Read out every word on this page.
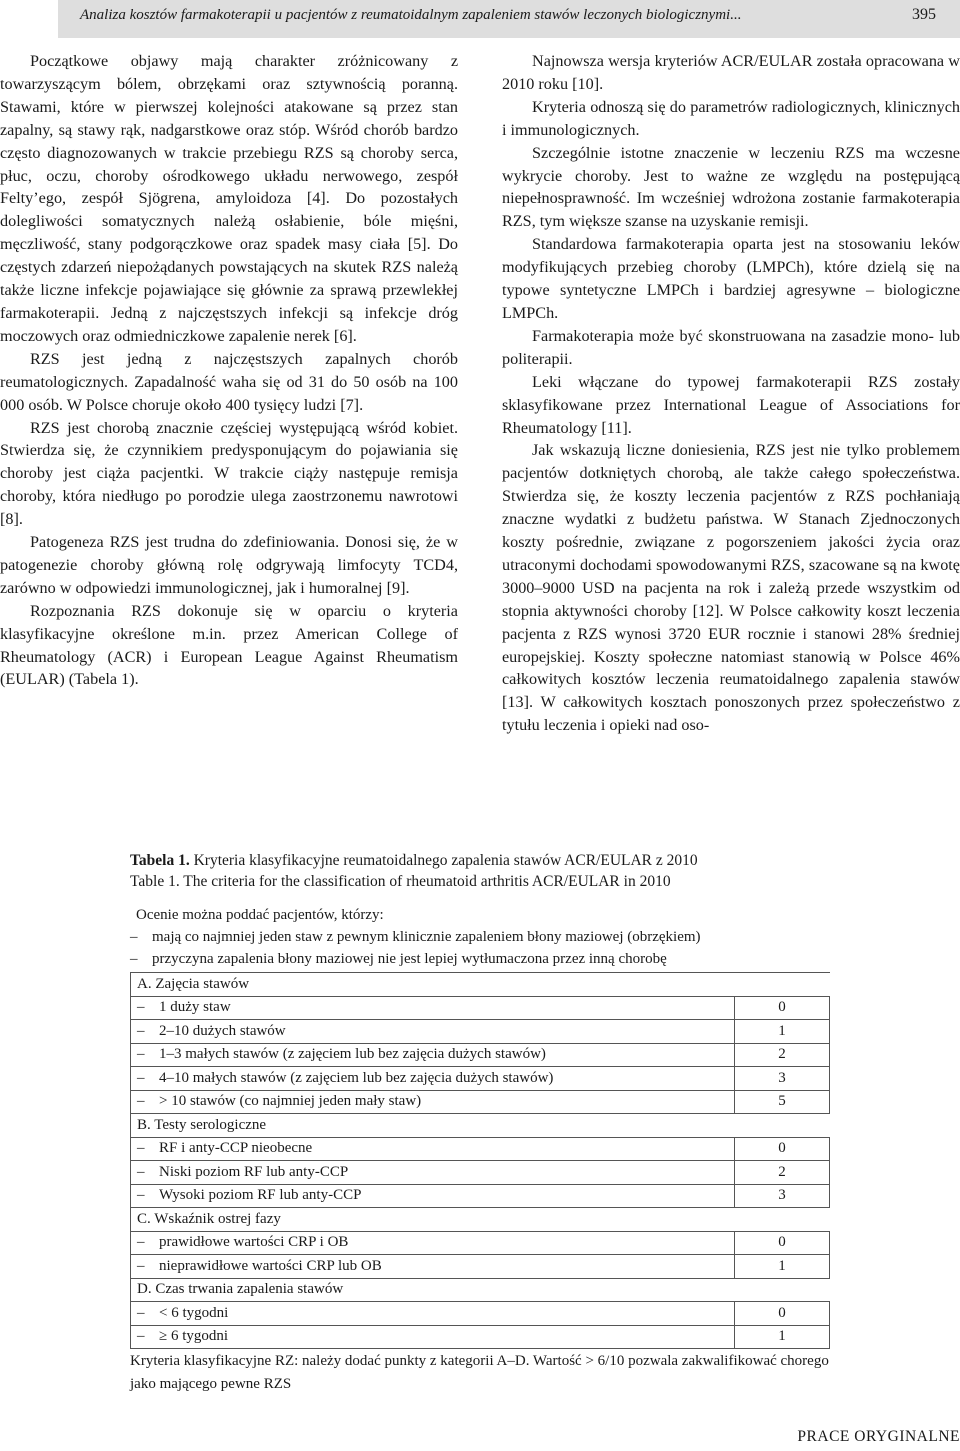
Analiza kosztów farmakoterapii u pacjentów z reumatoidalnym zapaleniem stawów leczonych biologicznymi...	395

Początkowe objawy mają charakter zróżnicowany z towarzyszącym bólem, obrzękami oraz sztywnością poranną. Stawami, które w pierwszej kolejności atakowane są przez stan zapalny, są stawy rąk, nadgarstkowe oraz stóp. Wśród chorób bardzo często diagnozowanych w trakcie przebiegu RZS są choroby serca, płuc, oczu, choroby ośrodkowego układu nerwowego, zespół Felty’ego, zespół Sjögrena, amyloidoza [4]. Do pozostałych dolegliwości somatycznych należą osłabienie, bóle mięśni, męczliwość, stany podgorączkowe oraz spadek masy ciała [5]. Do częstych zdarzeń niepożądanych powstających na skutek RZS należą także liczne infekcje pojawiające się głównie za sprawą przewlekłej farmakoterapii. Jedną z najczęstszych infekcji są infekcje dróg moczowych oraz odmiedniczkowe zapalenie nerek [6].

RZS jest jedną z najczęstszych zapalnych chorób reumatologicznych. Zapadalność waha się od 31 do 50 osób na 100 000 osób. W Polsce choruje około 400 tysięcy ludzi [7].

RZS jest chorobą znacznie częściej występującą wśród kobiet. Stwierdza się, że czynnikiem predysponującym do pojawiania się choroby jest ciąża pacjentki. W trakcie ciąży następuje remisja choroby, która niedługo po porodzie ulega zaostrzonemu nawrotowi [8].

Patogeneza RZS jest trudna do zdefiniowania. Donosi się, że w patogenezie choroby główną rolę odgrywają limfocyty TCD4, zarówno w odpowiedzi immunologicznej, jak i humoralnej [9].

Rozpoznania RZS dokonuje się w oparciu o kryteria klasyfikacyjne określone m.in. przez American College of Rheumatology (ACR) i European League Against Rheumatism (EULAR) (Tabela 1).

Najnowsza wersja kryteriów ACR/EULAR została opracowana w 2010 roku [10].

Kryteria odnoszą się do parametrów radiologicznych, klinicznych i immunologicznych.

Szczególnie istotne znaczenie w leczeniu RZS ma wczesne wykrycie choroby. Jest to ważne ze względu na postępującą niepełnosprawność. Im wcześniej wdrożona zostanie farmakoterapia RZS, tym większe szanse na uzyskanie remisji.

Standardowa farmakoterapia oparta jest na stosowaniu leków modyfikujących przebieg choroby (LMPCh), które dzielą się na typowe syntetyczne LMPCh i bardziej agresywne – biologiczne LMPCh.

Farmakoterapia może być skonstruowana na zasadzie mono- lub politerapii.

Leki włączane do typowej farmakoterapii RZS zostały sklasyfikowane przez International League of Associations for Rheumatology [11].

Jak wskazują liczne doniesienia, RZS jest nie tylko problemem pacjentów dotkniętych chorobą, ale także całego społeczeństwa. Stwierdza się, że koszty leczenia pacjentów z RZS pochłaniają znaczne wydatki z budżetu państwa. W Stanach Zjednoczonych koszty pośrednie, związane z pogorszeniem jakości życia oraz utraconymi dochodami spowodowanymi RZS, szacowane są na kwotę 3000–9000 USD na pacjenta na rok i zależą przede wszystkim od stopnia aktywności choroby [12]. W Polsce całkowity koszt leczenia pacjenta z RZS wynosi 3720 EUR rocznie i stanowi 28% średniej europejskiej. Koszty społeczne natomiast stanowią w Polsce 46% całkowitych kosztów leczenia reumatoidalnego zapalenia stawów [13]. W całkowitych kosztach ponoszonych przez społeczeństwo z tytułu leczenia i opieki nad oso-

Tabela 1. Kryteria klasyfikacyjne reumatoidalnego zapalenia stawów ACR/EULAR z 2010
Table 1. The criteria for the classification of rheumatoid arthritis ACR/EULAR in 2010
Ocenie można poddać pacjentów, którzy:
– mają co najmniej jeden staw z pewnym klinicznie zapaleniem błony maziowej (obrzękiem)
– przyczyna zapalenia błony maziowej nie jest lepiej wytłumaczona przez inną chorobę
A. Zajęcia stawów	
– 1 duży staw	0
– 2–10 dużych stawów	1
– 1–3 małych stawów (z zajęciem lub bez zajęcia dużych stawów)	2
– 4–10 małych stawów (z zajęciem lub bez zajęcia dużych stawów)	3
– > 10 stawów (co najmniej jeden mały staw)	5
B. Testy serologiczne	
– RF i anty-CCP nieobecne	0
– Niski poziom RF lub anty-CCP	2
– Wysoki poziom RF lub anty-CCP	3
C. Wskaźnik ostrej fazy	
– prawidłowe wartości CRP i OB	0
– nieprawidłowe wartości CRP lub OB	1
D. Czas trwania zapalenia stawów	
– < 6 tygodni	0
– ≥ 6 tygodni	1
Kryteria klasyfikacyjne RZ: należy dodać punkty z kategorii A–D. Wartość > 6/10 pozwala zakwalifikować chorego jako mającego pewne RZS
PRACE ORYGINALNE
